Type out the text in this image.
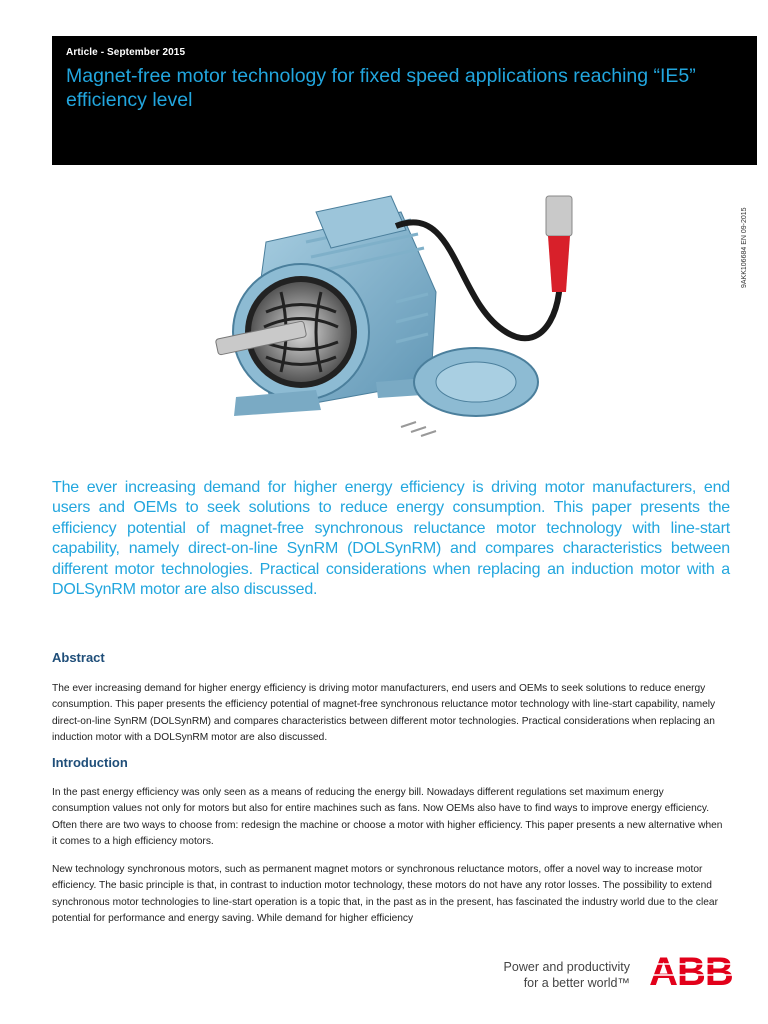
Article - September 2015
Magnet-free motor technology for fixed speed applications reaching “IE5” efficiency level
9AKK106684 EN 09-2015
The ever increasing demand for higher energy efficiency is driving motor manufacturers, end users and OEMs to seek solutions to reduce energy consumption. This paper presents the efficiency potential of magnet-free synchronous reluctance motor technology with line-start capability, namely direct-on-line SynRM (DOLSynRM) and compares characteristics between different motor technologies. Practical considerations when replacing an induction motor with a DOLSynRM motor are also discussed.
Abstract
The ever increasing demand for higher energy efficiency is driving motor manufacturers, end users and OEMs to seek solutions to reduce energy consumption. This paper presents the efficiency potential of magnet-free synchronous reluctance motor technology with line-start capability, namely direct-on-line SynRM (DOLSynRM) and compares characteristics between different motor technologies. Practical considerations when replacing an induction motor with a DOLSynRM motor are also discussed.
Introduction
In the past energy efficiency was only seen as a means of reducing the energy bill. Nowadays different regulations set maximum energy consumption values not only for motors but also for entire machines such as fans. Now OEMs also have to find ways to improve energy efficiency. Often there are two ways to choose from: redesign the machine or choose a motor with higher efficiency. This paper presents a new alternative when it comes to a high efficiency motors.
New technology synchronous motors, such as permanent magnet motors or synchronous reluctance motors, offer a novel way to increase motor efficiency. The basic principle is that, in contrast to induction motor technology, these motors do not have any rotor losses. The possibility to extend synchronous motor technologies to line-start operation is a topic that, in the past as in the present, has fascinated the industry world due to the clear potential for performance and energy saving. While demand for higher efficiency
Power and productivity
for a better world™ ABB
